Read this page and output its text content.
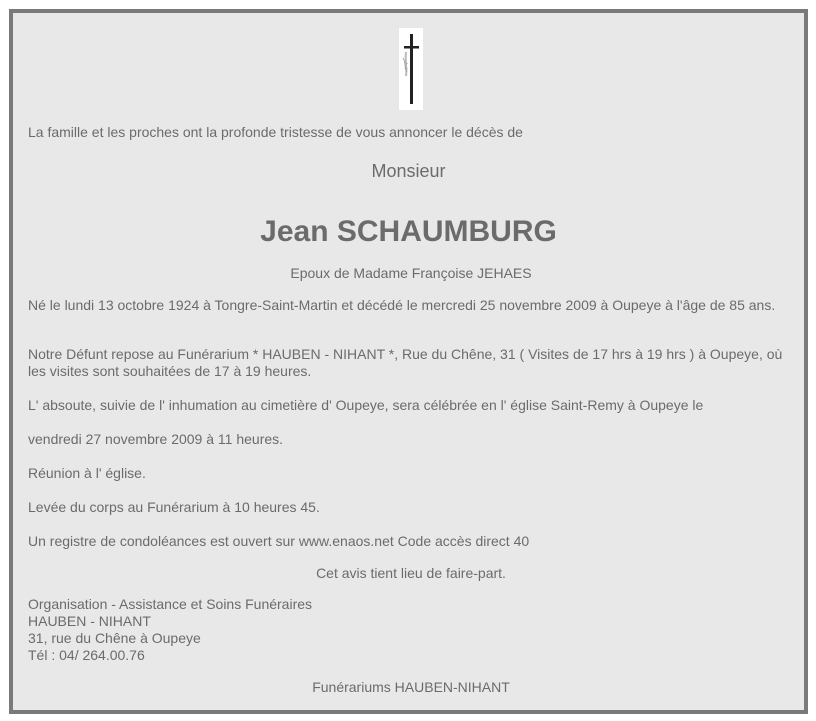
La famille et les proches ont la profonde tristesse de vous annoncer le décès de

Monsieur
Jean SCHAUMBURG

Epoux de Madame Françoise JEHAES

Né le lundi 13 octobre 1924 à Tongre-Saint-Martin et décédé le mercredi 25 novembre 2009 à Oupeye à l'âge de 85 ans.

Notre Défunt repose au Funérarium * HAUBEN - NIHANT *, Rue du Chêne, 31 ( Visites de 17 hrs à 19 hrs ) à Oupeye, où les visites sont souhaitées de 17 à 19 heures.

L' absoute, suivie de l' inhumation au cimetière d' Oupeye, sera célébrée en l' église Saint-Remy à Oupeye le

vendredi 27 novembre 2009 à 11 heures.

Réunion à l' église.

Levée du corps au Funérarium à 10 heures 45.

Un registre de condoléances est ouvert sur www.enaos.net Code accès direct 40

Cet avis tient lieu de faire-part.

Organisation - Assistance et Soins Funéraires
HAUBEN - NIHANT
31, rue du Chêne à Oupeye
Tél : 04/ 264.00.76

Funérariums HAUBEN-NIHANT
